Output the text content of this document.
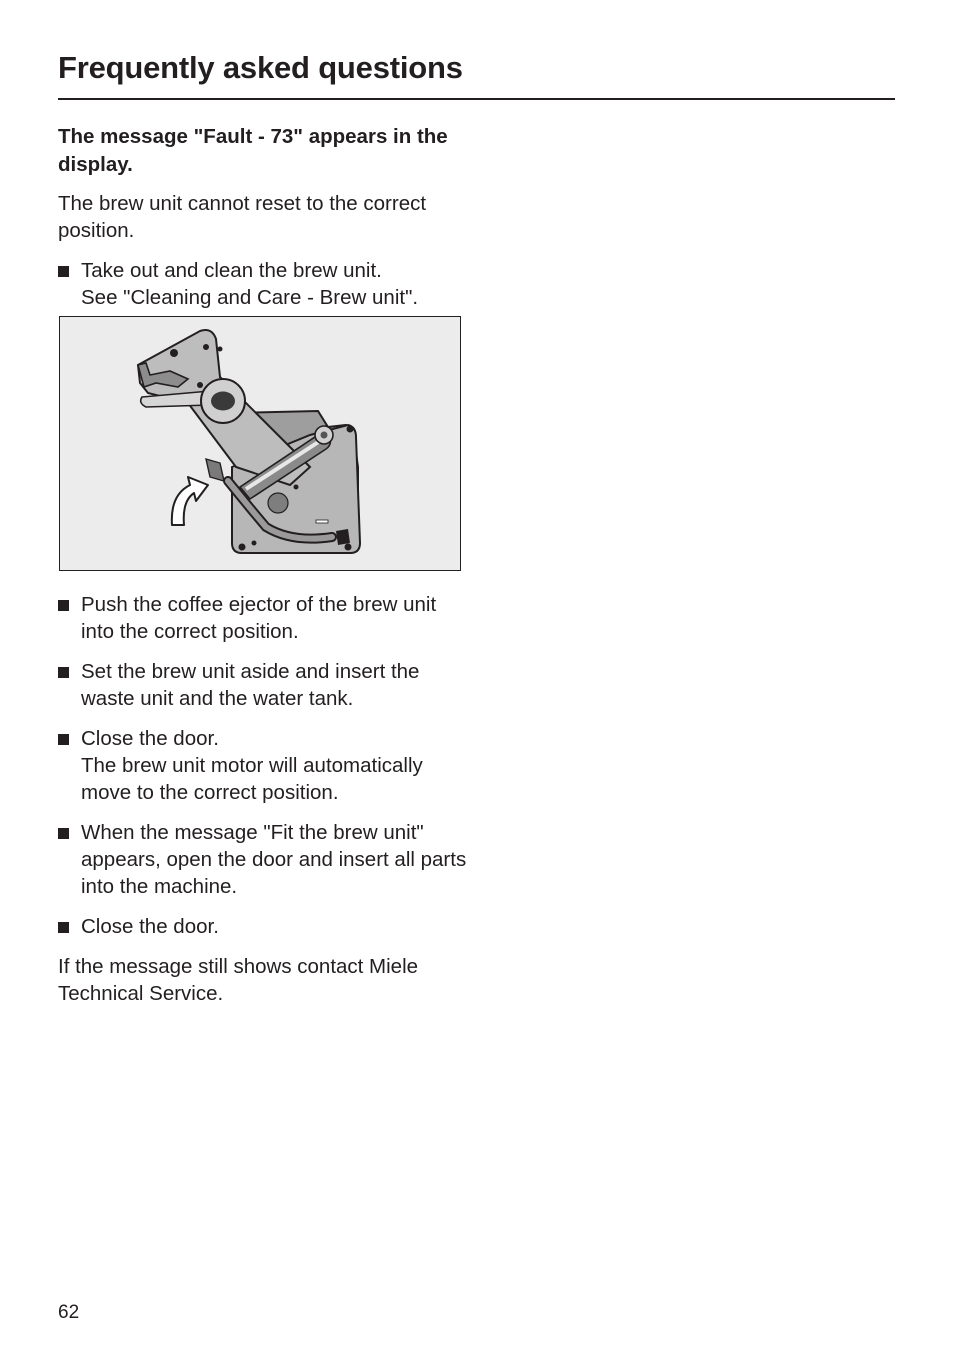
Frequently asked questions

The message "Fault - 73" appears in the display.

The brew unit cannot reset to the correct position.

Take out and clean the brew unit.
See "Cleaning and Care - Brew unit".
Push the coffee ejector of the brew unit into the correct position.
Set the brew unit aside and insert the waste unit and the water tank.
Close the door.
The brew unit motor will automatically move to the correct position.
When the message "Fit the brew unit" appears, open the door and insert all parts into the machine.
Close the door.

If the message still shows contact Miele Technical Service.

62
